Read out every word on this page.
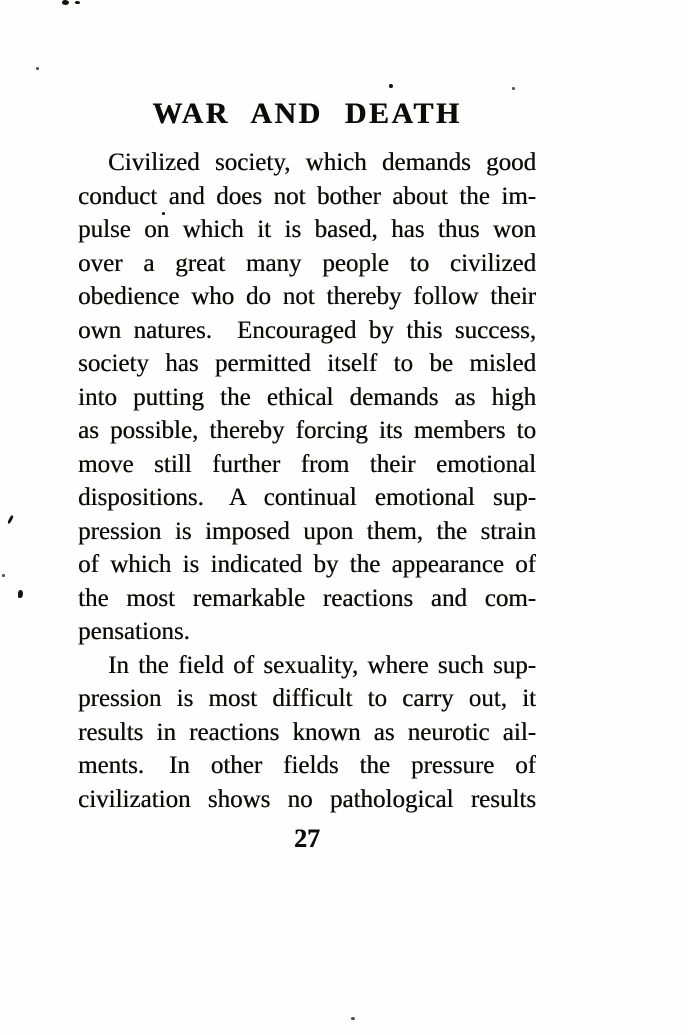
WAR AND DEATH
Civilized society, which demands good
conduct and does not bother about the im-
pulse on which it is based, has thus won
over a great many people to civilized
obedience who do not thereby follow their
own natures. Encouraged by this success,
society has permitted itself to be misled
into putting the ethical demands as high
as possible, thereby forcing its members to
move still further from their emotional
dispositions. A continual emotional sup-
pression is imposed upon them, the strain
of which is indicated by the appearance of
the most remarkable reactions and com-
pensations.
In the field of sexuality, where such sup-
pression is most difficult to carry out, it
results in reactions known as neurotic ail-
ments. In other fields the pressure of
civilization shows no pathological results
27
